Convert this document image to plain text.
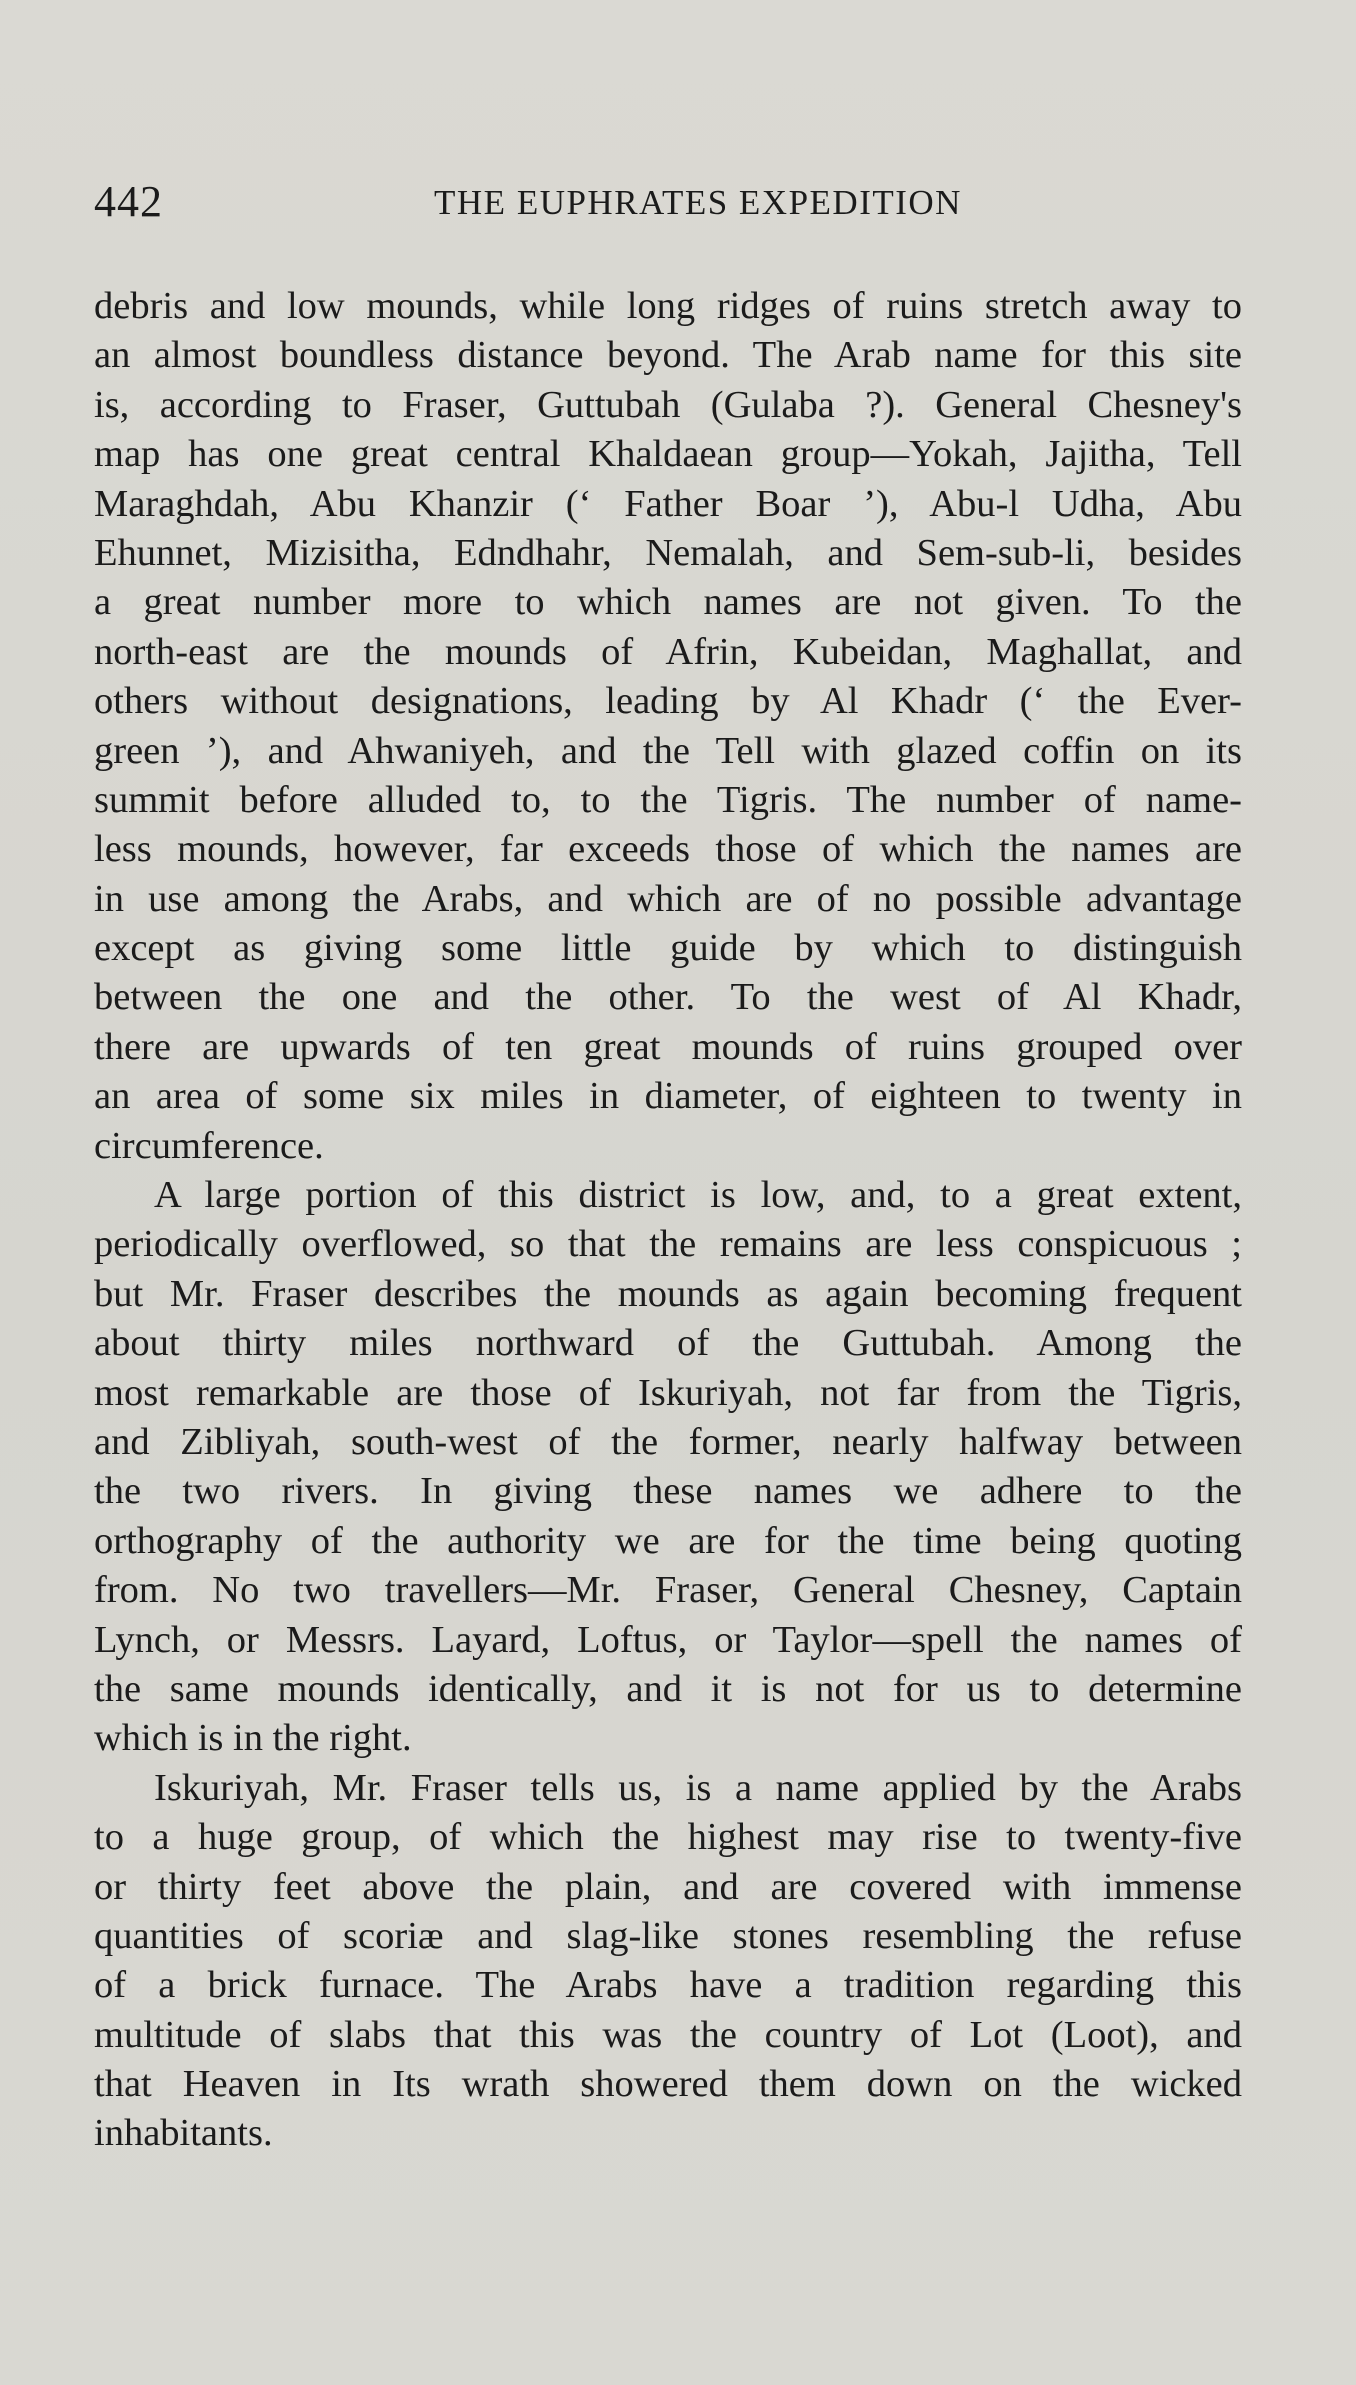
442	THE EUPHRATES EXPEDITION
debris and low mounds, while long ridges of ruins stretch away to
an almost boundless distance beyond. The Arab name for this site
is, according to Fraser, Guttubah (Gulaba ?). General Chesney's
map has one great central Khaldaean group—Yokah, Jajitha, Tell
Maraghdah, Abu Khanzir (‘ Father Boar ’), Abu-l Udha, Abu
Ehunnet, Mizisitha, Edndhahr, Nemalah, and Sem-sub-li, besides
a great number more to which names are not given. To the
north-east are the mounds of Afrin, Kubeidan, Maghallat, and
others without designations, leading by Al Khadr (‘ the Ever-
green ’), and Ahwaniyeh, and the Tell with glazed coffin on its
summit before alluded to, to the Tigris. The number of name-
less mounds, however, far exceeds those of which the names are
in use among the Arabs, and which are of no possible advantage
except as giving some little guide by which to distinguish
between the one and the other. To the west of Al Khadr,
there are upwards of ten great mounds of ruins grouped over
an area of some six miles in diameter, of eighteen to twenty in
circumference.
A large portion of this district is low, and, to a great extent,
periodically overflowed, so that the remains are less conspicuous ;
but Mr. Fraser describes the mounds as again becoming frequent
about thirty miles northward of the Guttubah. Among the
most remarkable are those of Iskuriyah, not far from the Tigris,
and Zibliyah, south-west of the former, nearly halfway between
the two rivers. In giving these names we adhere to the
orthography of the authority we are for the time being quoting
from. No two travellers—Mr. Fraser, General Chesney, Captain
Lynch, or Messrs. Layard, Loftus, or Taylor—spell the names of
the same mounds identically, and it is not for us to determine
which is in the right.
Iskuriyah, Mr. Fraser tells us, is a name applied by the Arabs
to a huge group, of which the highest may rise to twenty-five
or thirty feet above the plain, and are covered with immense
quantities of scoriæ and slag-like stones resembling the refuse
of a brick furnace. The Arabs have a tradition regarding this
multitude of slabs that this was the country of Lot (Loot), and
that Heaven in Its wrath showered them down on the wicked
inhabitants.
